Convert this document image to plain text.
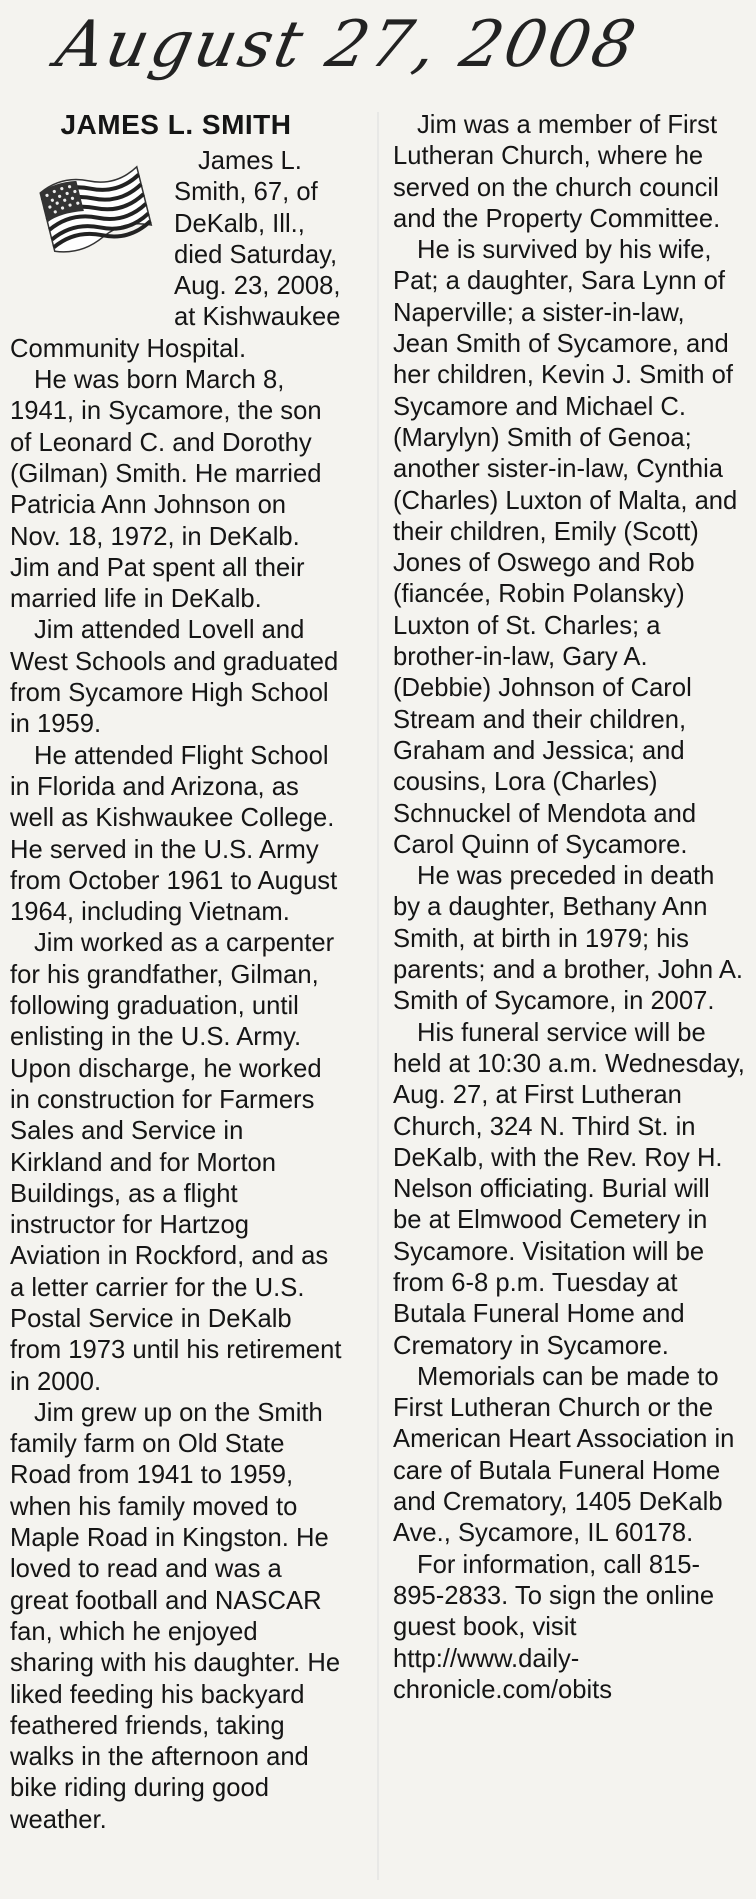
August 27, 2008
JAMES L. SMITH

James L. Smith, 67, of DeKalb, Ill., died Saturday, Aug. 23, 2008, at Kishwaukee Community Hospital.

He was born March 8, 1941, in Sycamore, the son of Leonard C. and Dorothy (Gilman) Smith. He married Patricia Ann Johnson on Nov. 18, 1972, in DeKalb. Jim and Pat spent all their married life in DeKalb.

Jim attended Lovell and West Schools and graduated from Sycamore High School in 1959.

He attended Flight School in Florida and Arizona, as well as Kishwaukee College. He served in the U.S. Army from October 1961 to August 1964, including Vietnam.

Jim worked as a carpenter for his grandfather, Gilman, following graduation, until enlisting in the U.S. Army. Upon discharge, he worked in construction for Farmers Sales and Service in Kirkland and for Morton Buildings, as a flight instructor for Hartzog Aviation in Rockford, and as a letter carrier for the U.S. Postal Service in DeKalb from 1973 until his retirement in 2000.

Jim grew up on the Smith family farm on Old State Road from 1941 to 1959, when his family moved to Maple Road in Kingston. He loved to read and was a great football and NASCAR fan, which he enjoyed sharing with his daughter. He liked feeding his backyard feathered friends, taking walks in the afternoon and bike riding during good weather.

Jim was a member of First Lutheran Church, where he served on the church council and the Property Committee.

He is survived by his wife, Pat; a daughter, Sara Lynn of Naperville; a sister-in-law, Jean Smith of Sycamore, and her children, Kevin J. Smith of Sycamore and Michael C. (Marylyn) Smith of Genoa; another sister-in-law, Cynthia (Charles) Luxton of Malta, and their children, Emily (Scott) Jones of Oswego and Rob (fiancée, Robin Polansky) Luxton of St. Charles; a brother-in-law, Gary A. (Debbie) Johnson of Carol Stream and their children, Graham and Jessica; and cousins, Lora (Charles) Schnuckel of Mendota and Carol Quinn of Sycamore.

He was preceded in death by a daughter, Bethany Ann Smith, at birth in 1979; his parents; and a brother, John A. Smith of Sycamore, in 2007.

His funeral service will be held at 10:30 a.m. Wednesday, Aug. 27, at First Lutheran Church, 324 N. Third St. in DeKalb, with the Rev. Roy H. Nelson officiating. Burial will be at Elmwood Cemetery in Sycamore. Visitation will be from 6-8 p.m. Tuesday at Butala Funeral Home and Crematory in Sycamore.

Memorials can be made to First Lutheran Church or the American Heart Association in care of Butala Funeral Home and Crematory, 1405 DeKalb Ave., Sycamore, IL 60178.

For information, call 815-895-2833. To sign the online guest book, visit http://www.daily-chronicle.com/obits
